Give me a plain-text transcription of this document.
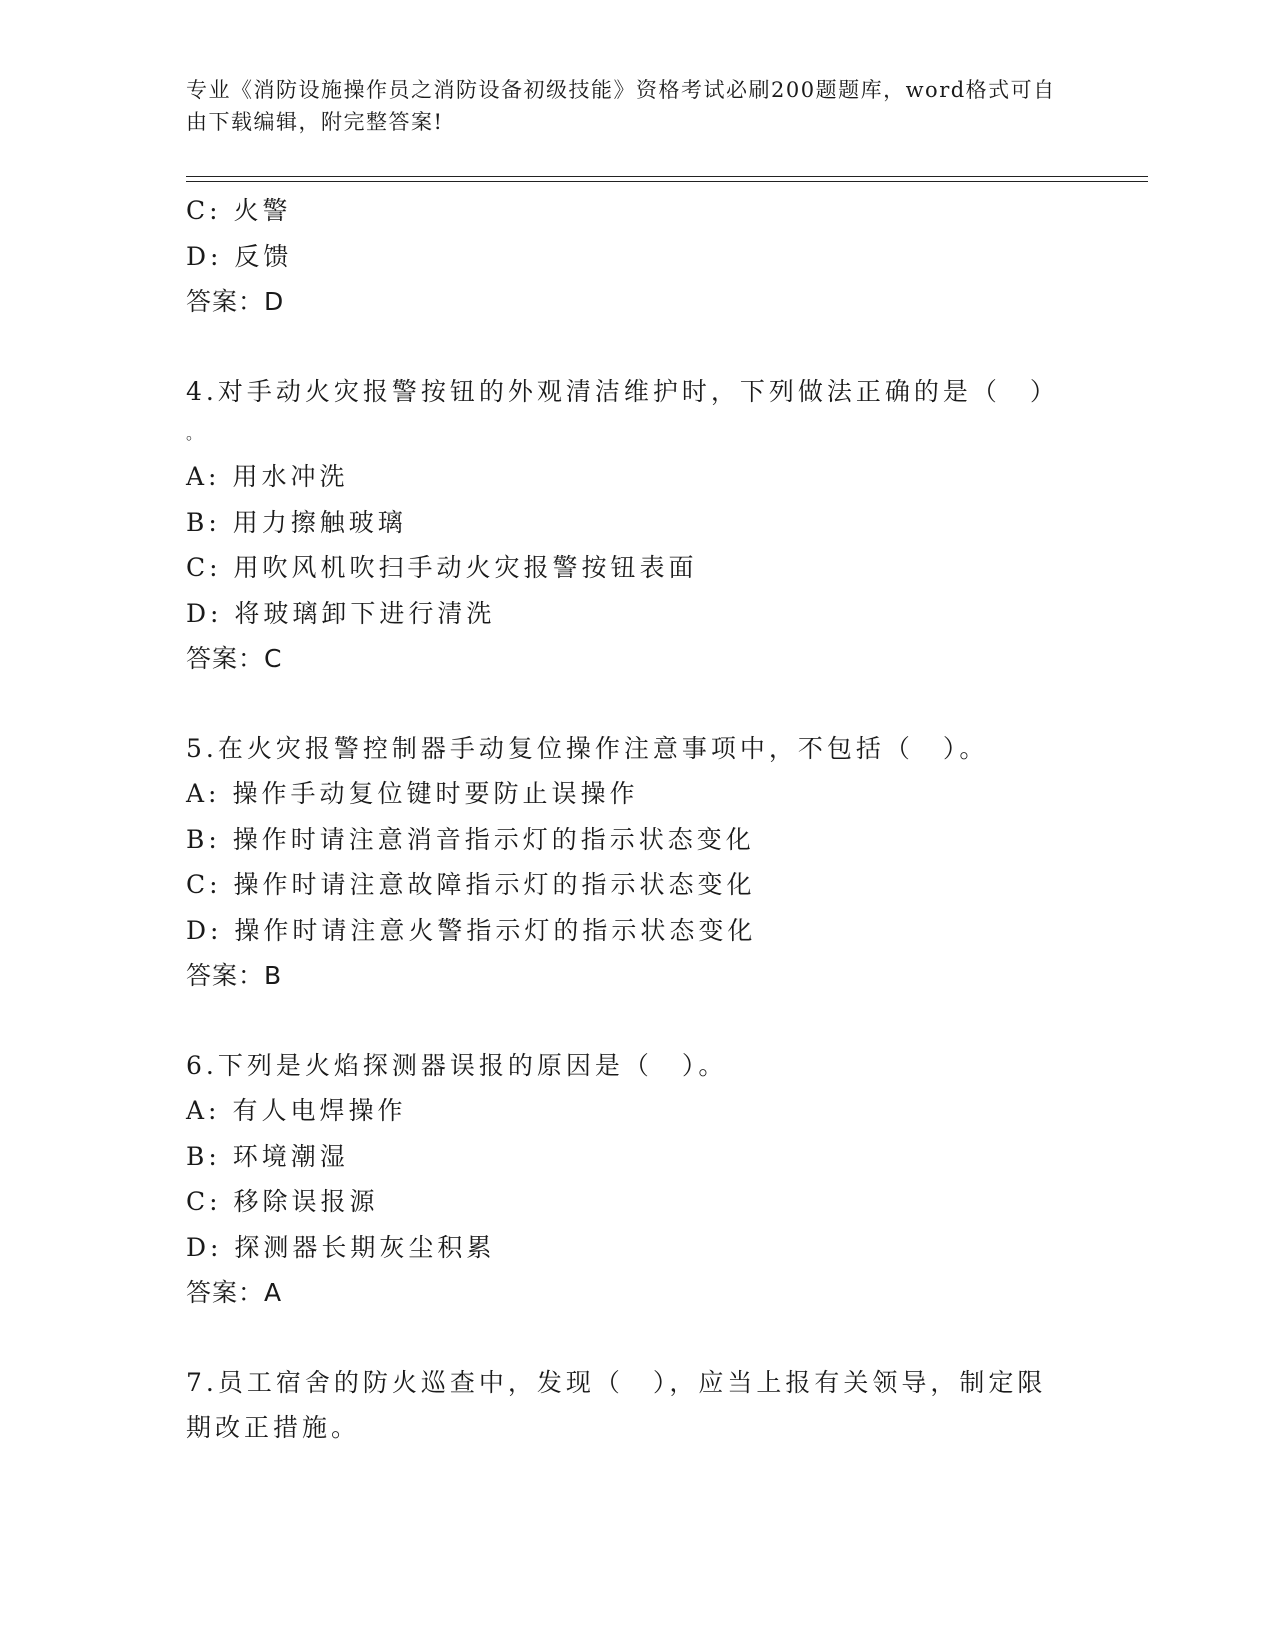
专业《消防设施操作员之消防设备初级技能》资格考试必刷200题题库，word格式可自由下载编辑，附完整答案!
C: 火警
D: 反馈
答案：D
4.对手动火灾报警按钮的外观清洁维护时，下列做法正确的是（　）
。
A: 用水冲洗
B: 用力擦触玻璃
C: 用吹风机吹扫手动火灾报警按钮表面
D: 将玻璃卸下进行清洗
答案：C
5.在火灾报警控制器手动复位操作注意事项中，不包括（　）。
A: 操作手动复位键时要防止误操作
B: 操作时请注意消音指示灯的指示状态变化
C: 操作时请注意故障指示灯的指示状态变化
D: 操作时请注意火警指示灯的指示状态变化
答案：B
6.下列是火焰探测器误报的原因是（　）。
A: 有人电焊操作
B: 环境潮湿
C: 移除误报源
D: 探测器长期灰尘积累
答案：A
7.员工宿舍的防火巡查中，发现（　），应当上报有关领导，制定限
期改正措施。
